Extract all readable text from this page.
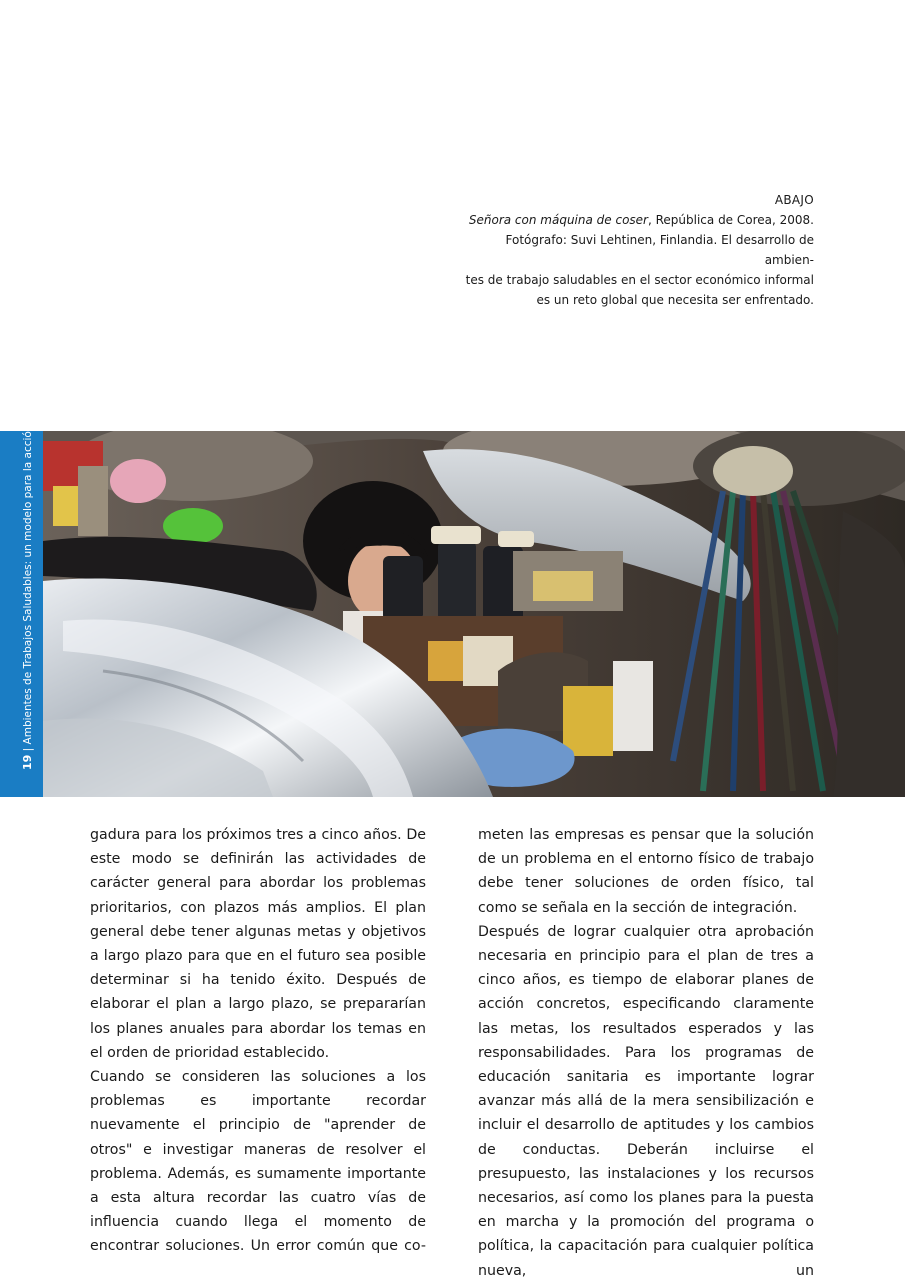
ABAJO
Señora con máquina de coser, República de Corea, 2008.
Fotógrafo: Suvi Lehtinen, Finlandia. El desarrollo de ambien-
tes de trabajo saludables en el sector económico informal
es un reto global que necesita ser enfrentado.
19 | Ambientes de Trabajos Saludables: un modelo para la acción

gadura para los próximos tres a cinco años. De este modo se definirán las actividades de carácter general para abordar los problemas prioritarios, con plazos más amplios. El plan general debe tener algunas metas y objetivos a largo plazo para que en el futuro sea posible determinar si ha tenido éxito. Después de elaborar el plan a largo plazo, se prepararían los planes anuales para abordar los temas en el orden de prioridad establecido.

Cuando se consideren las soluciones a los problemas es importante recordar nuevamente el principio de "aprender de otros" e investigar maneras de resolver el problema. Además, es sumamente importante a esta altura recordar las cuatro vías de influencia cuando llega el momento de encontrar soluciones. Un error común que co-

meten las empresas es pensar que la solución de un problema en el entorno físico de trabajo debe tener soluciones de orden físico, tal como se señala en la sección de integración.

Después de lograr cualquier otra aprobación necesaria en principio para el plan de tres a cinco años, es tiempo de elaborar planes de acción concretos, especificando claramente las metas, los resultados esperados y las responsabilidades. Para los programas de educación sanitaria es importante lograr avanzar más allá de la mera sensibilización e incluir el desarrollo de aptitudes y los cambios de conductas. Deberán incluirse el presupuesto, las instalaciones y los recursos necesarios, así como los planes para la puesta en marcha y la promoción del programa o política, la capacitación para cualquier política nueva, un
